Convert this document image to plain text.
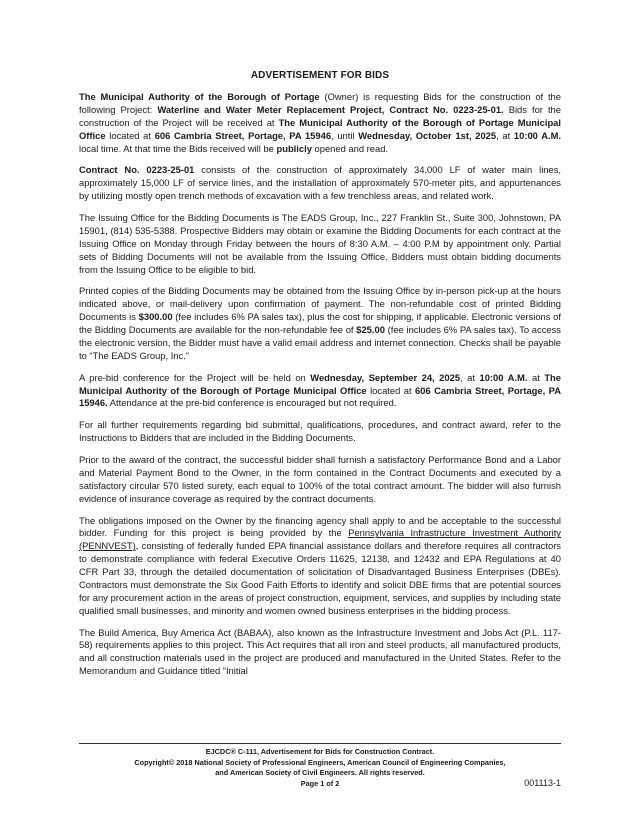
ADVERTISEMENT FOR BIDS

The Municipal Authority of the Borough of Portage (Owner) is requesting Bids for the construction of the following Project: Waterline and Water Meter Replacement Project, Contract No. 0223-25-01. Bids for the construction of the Project will be received at The Municipal Authority of the Borough of Portage Municipal Office located at 606 Cambria Street, Portage, PA 15946, until Wednesday, October 1st, 2025, at 10:00 A.M. local time. At that time the Bids received will be publicly opened and read.

Contract No. 0223-25-01 consists of the construction of approximately 34,000 LF of water main lines, approximately 15,000 LF of service lines, and the installation of approximately 570-meter pits, and appurtenances by utilizing mostly open trench methods of excavation with a few trenchless areas, and related work.

The Issuing Office for the Bidding Documents is The EADS Group, Inc., 227 Franklin St., Suite 300, Johnstown, PA 15901, (814) 535-5388. Prospective Bidders may obtain or examine the Bidding Documents for each contract at the Issuing Office on Monday through Friday between the hours of 8:30 A.M. – 4:00 P.M by appointment only. Partial sets of Bidding Documents will not be available from the Issuing Office. Bidders must obtain bidding documents from the Issuing Office to be eligible to bid.

Printed copies of the Bidding Documents may be obtained from the Issuing Office by in-person pick-up at the hours indicated above, or mail-delivery upon confirmation of payment. The non-refundable cost of printed Bidding Documents is $300.00 (fee includes 6% PA sales tax), plus the cost for shipping, if applicable. Electronic versions of the Bidding Documents are available for the non-refundable fee of $25.00 (fee includes 6% PA sales tax). To access the electronic version, the Bidder must have a valid email address and internet connection. Checks shall be payable to “The EADS Group, Inc.”

A pre-bid conference for the Project will be held on Wednesday, September 24, 2025, at 10:00 A.M. at The Municipal Authority of the Borough of Portage Municipal Office located at 606 Cambria Street, Portage, PA 15946. Attendance at the pre-bid conference is encouraged but not required.

For all further requirements regarding bid submittal, qualifications, procedures, and contract award, refer to the Instructions to Bidders that are included in the Bidding Documents.

Prior to the award of the contract, the successful bidder shall furnish a satisfactory Performance Bond and a Labor and Material Payment Bond to the Owner, in the form contained in the Contract Documents and executed by a satisfactory circular 570 listed surety, each equal to 100% of the total contract amount. The bidder will also furnish evidence of insurance coverage as required by the contract documents.

The obligations imposed on the Owner by the financing agency shall apply to and be acceptable to the successful bidder. Funding for this project is being provided by the Pennsylvania Infrastructure Investment Authority (PENNVEST), consisting of federally funded EPA financial assistance dollars and therefore requires all contractors to demonstrate compliance with federal Executive Orders 11625, 12138, and 12432 and EPA Regulations at 40 CFR Part 33, through the detailed documentation of solicitation of Disadvantaged Business Enterprises (DBEs). Contractors must demonstrate the Six Good Faith Efforts to identify and solicit DBE firms that are potential sources for any procurement action in the areas of project construction, equipment, services, and supplies by including state qualified small businesses, and minority and women owned business enterprises in the bidding process.

The Build America, Buy America Act (BABAA), also known as the Infrastructure Investment and Jobs Act (P.L. 117-58) requirements applies to this project. This Act requires that all iron and steel products, all manufactured products, and all construction materials used in the project are produced and manufactured in the United States. Refer to the Memorandum and Guidance titled “Initial

EJCDC® C-111, Advertisement for Bids for Construction Contract.
Copyright© 2018 National Society of Professional Engineers, American Council of Engineering Companies,
and American Society of Civil Engineers. All rights reserved.
Page 1 of 2	001113-1
